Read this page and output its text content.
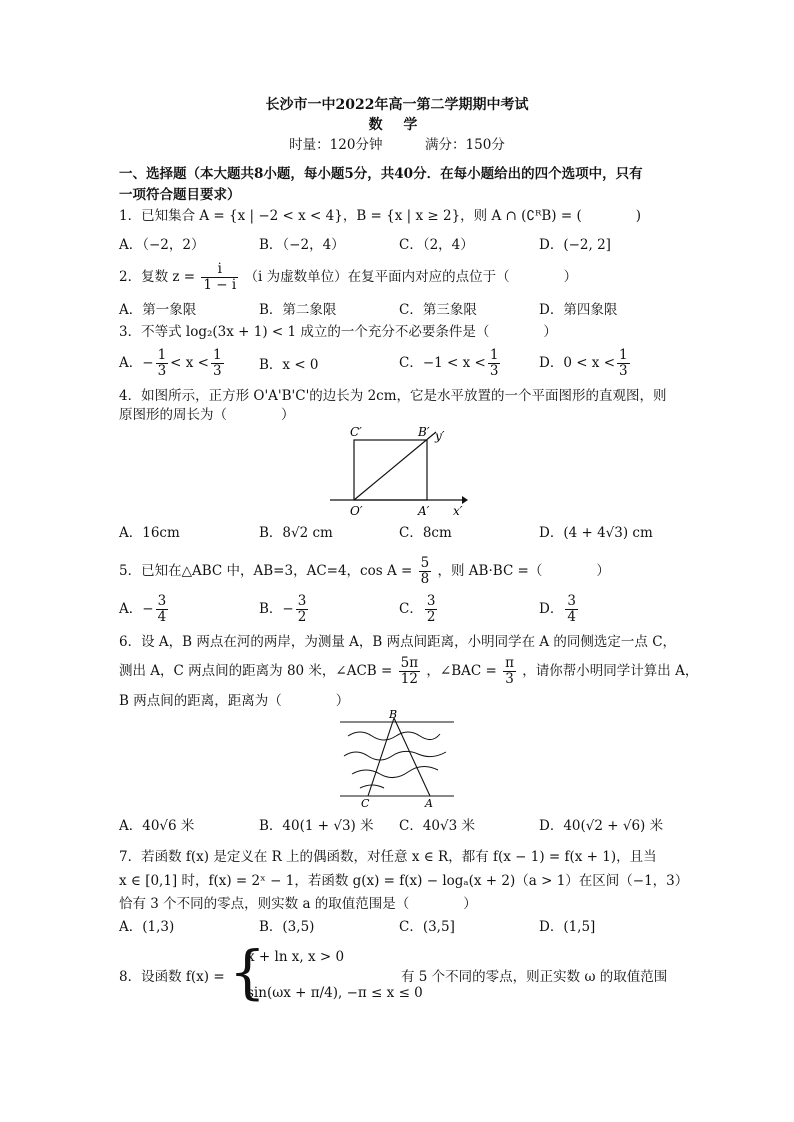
长沙市一中2022年高一第二学期期中考试
数 学
时量：120分钟	满分：150分
一、选择题（本大题共8小题，每小题5分，共40分．在每小题给出的四个选项中，只有
一项符合题目要求）
1．已知集合 A = {x | −2 < x < 4}，B = {x | x ≥ 2}，则 A ∩ (∁ᴿB) = (　　　　)
A．（−2，2）	B．（−2，4）	C．（2，4）	D．(−2, 2]
2．复数 $z = \frac{i}{1 - i} (i$ 为虚数单位）在复平面内对应的点位于（　　　　）
A．第一象限	B．第二象限	C．第三象限	D．第四象限
3．不等式 log₂(3x + 1) < 1 成立的一个充分不必要条件是（　　　　）
A．− $\frac{1}{3} < x < \frac{1}{3}$	B．x < 0	C．$-1 < x < \frac{1}{3}$	D．$0 < x < \frac{1}{3}$
4．如图所示，正方形 O'A'B'C'的边长为 2cm，它是水平放置的一个平面图形的直观图，则
原图形的周长为（　　　　）
C′	B′ y′
O′	A′ x′
A．16cm	B．8√2 cm	C．8cm	D．(4 + 4√3) cm
5．已知在△ABC 中，AB=3，AC=4，$\cos A = \frac{5}{8}$ ，则 AB·BC =（　　　　）
A．− $\frac{3}{4}$	B．− $\frac{3}{2}$	C． $\frac{3}{2}$	D． $\frac{3}{4}$
6．设 A，B 两点在河的两岸，为测量 A，B 两点间距离，小明同学在 A 的同侧选定一点 C，
测出 A，C 两点间的距离为 80 米，∠ACB = $\frac{5\pi}{12}$ ，∠BAC = $\frac{\pi}{3}$ ，请你帮小明同学计算出 A，
B 两点间的距离，距离为（　　　　）
B
C	A
A．40√6 米	B．40(1 + √3) 米 C．40√3 米	D．40(√2 + √6) 米
7．若函数 f(x) 是定义在 R 上的偶函数，对任意 x ∈ R，都有 f(x − 1) = f(x + 1)，且当
x ∈ [0,1] 时，f(x) = 2ˣ − 1，若函数 g(x) = f(x) − logₐ(x + 2)（a > 1）在区间（−1，3）
恰有 3 个不同的零点，则实数 a 的取值范围是（　　　　）
A．(1,3)	B．(3,5)	C．(3,5]	D．(1,5]
8．设函数 f(x) = {
x + ln x, x > 0
sin(ωx + π/4), −π ≤ x ≤ 0
有 5 个不同的零点，则正实数 ω 的取值范围
